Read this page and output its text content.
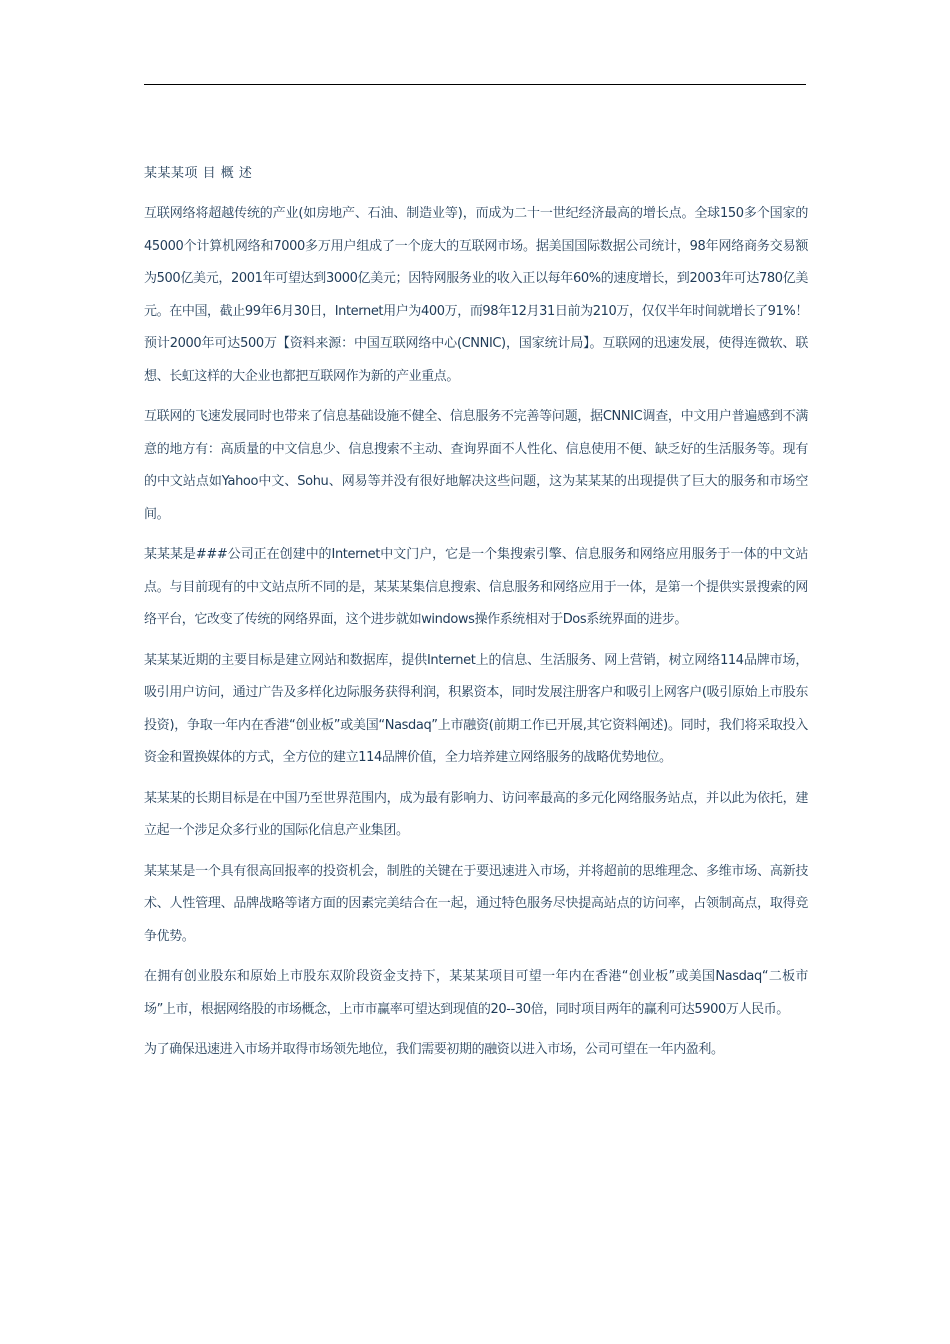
某某某项 目 概 述

互联网络将超越传统的产业(如房地产、石油、制造业等)，而成为二十一世纪经济最高的增长点。全球150多个国家的45000个计算机网络和7000多万用户组成了一个庞大的互联网市场。据美国国际数据公司统计，98年网络商务交易额为500亿美元，2001年可望达到3000亿美元；因特网服务业的收入正以每年60%的速度增长，到2003年可达780亿美元。在中国，截止99年6月30日，Internet用户为400万，而98年12月31日前为210万，仅仅半年时间就增长了91%！预计2000年可达500万【资料来源：中国互联网络中心(CNNIC)，国家统计局】。互联网的迅速发展，使得连微软、联想、长虹这样的大企业也都把互联网作为新的产业重点。

互联网的飞速发展同时也带来了信息基础设施不健全、信息服务不完善等问题，据CNNIC调查，中文用户普遍感到不满意的地方有：高质量的中文信息少、信息搜索不主动、查询界面不人性化、信息使用不便、缺乏好的生活服务等。现有的中文站点如Yahoo中文、Sohu、网易等并没有很好地解决这些问题，这为某某某的出现提供了巨大的服务和市场空间。

某某某是###公司正在创建中的Internet中文门户，它是一个集搜索引擎、信息服务和网络应用服务于一体的中文站点。与目前现有的中文站点所不同的是，某某某集信息搜索、信息服务和网络应用于一体，是第一个提供实景搜索的网络平台，它改变了传统的网络界面，这个进步就如windows操作系统相对于Dos系统界面的进步。

某某某近期的主要目标是建立网站和数据库，提供Internet上的信息、生活服务、网上营销，树立网络114品牌市场，吸引用户访问，通过广告及多样化边际服务获得利润，积累资本，同时发展注册客户和吸引上网客户(吸引原始上市股东投资)，争取一年内在香港“创业板”或美国“Nasdaq”上市融资(前期工作已开展,其它资料阐述)。同时，我们将采取投入资金和置换媒体的方式，全方位的建立114品牌价值，全力培养建立网络服务的战略优势地位。

某某某的长期目标是在中国乃至世界范围内，成为最有影响力、访问率最高的多元化网络服务站点，并以此为依托，建立起一个涉足众多行业的国际化信息产业集团。

某某某是一个具有很高回报率的投资机会，制胜的关键在于要迅速进入市场，并将超前的思维理念、多维市场、高新技术、人性管理、品牌战略等诸方面的因素完美结合在一起，通过特色服务尽快提高站点的访问率，占领制高点，取得竞争优势。

在拥有创业股东和原始上市股东双阶段资金支持下，某某某项目可望一年内在香港“创业板”或美国Nasdaq“二板市场”上市，根据网络股的市场概念，上市市赢率可望达到现值的20--30倍，同时项目两年的赢利可达5900万人民币。

为了确保迅速进入市场并取得市场领先地位，我们需要初期的融资以进入市场，公司可望在一年内盈利。
